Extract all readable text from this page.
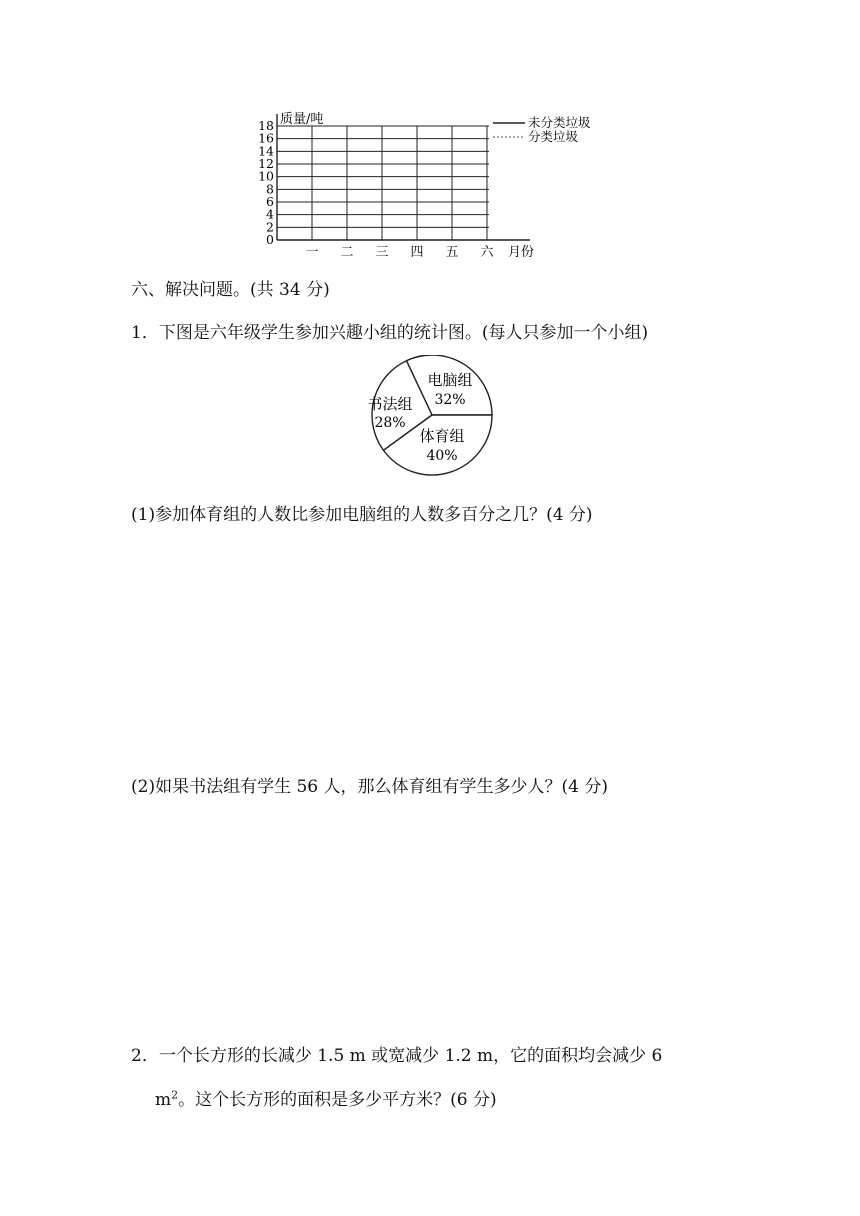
质量/吨
0
2
4
6
8
10
12
14
16
18
一 二 三 四 五 六 月份
未分类垃圾
分类垃圾
六、解决问题。(共 34 分)
1．下图是六年级学生参加兴趣小组的统计图。(每人只参加一个小组)
电脑组
32%
体育组
40%
书法组
28%
(1)参加体育组的人数比参加电脑组的人数多百分之几？(4 分)
(2)如果书法组有学生 56 人，那么体育组有学生多少人？(4 分)
2．一个长方形的长减少 1.5 m 或宽减少 1.2 m，它的面积均会减少 6
$m^2$。这个长方形的面积是多少平方米？(6 分)
